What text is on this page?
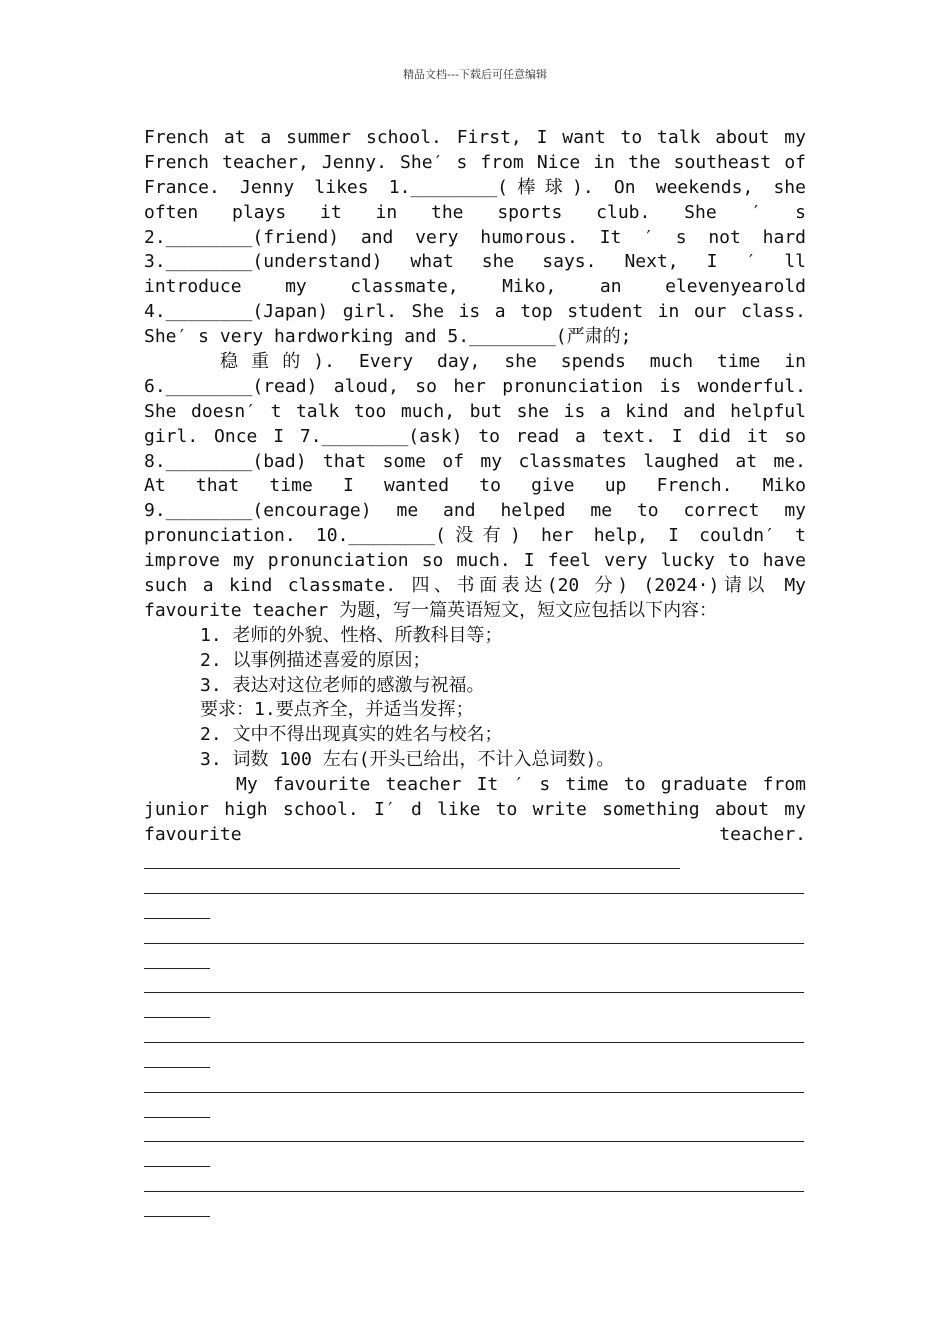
精品文档---下载后可任意编辑
French at a summer school. First, I want to talk about my
French teacher, Jenny. She′ s from Nice in the southeast of
France. Jenny likes 1.________(棒球). On weekends, she
often plays it in the sports club. She ′ s
2.________(friend) and very humorous. It ′ s not hard
3.________(understand) what she says. Next, I ′ ll
introduce my classmate, Miko, an elevenyearold
4.________(Japan) girl. She is a top student in our class.
She′ s very hardworking and 5.________(严肃的;
稳重的). Every day, she spends much time in
6.________(read) aloud, so her pronunciation is wonderful.
She doesn′ t talk too much, but she is a kind and helpful
girl. Once I 7.________(ask) to read a text. I did it so
8.________(bad) that some of my classmates laughed at me.
At that time I wanted to give up French. Miko
9.________(encourage) me and helped me to correct my
pronunciation. 10.________(没有) her help, I couldn′ t
improve my pronunciation so much. I feel very lucky to have
such a kind classmate. 四、书面表达(20 分) (2024·)请以 My
favourite teacher 为题，写一篇英语短文，短文应包括以下内容：
1. 老师的外貌、性格、所教科目等；
2. 以事例描述喜爱的原因；
3. 表达对这位老师的感激与祝福。
要求：1.要点齐全，并适当发挥；
2. 文中不得出现真实的姓名与校名；
3. 词数 100 左右(开头已给出，不计入总词数)。
My favourite teacher It ′ s time to graduate from
junior high school. I′ d like to write something about my
favourite teacher.
